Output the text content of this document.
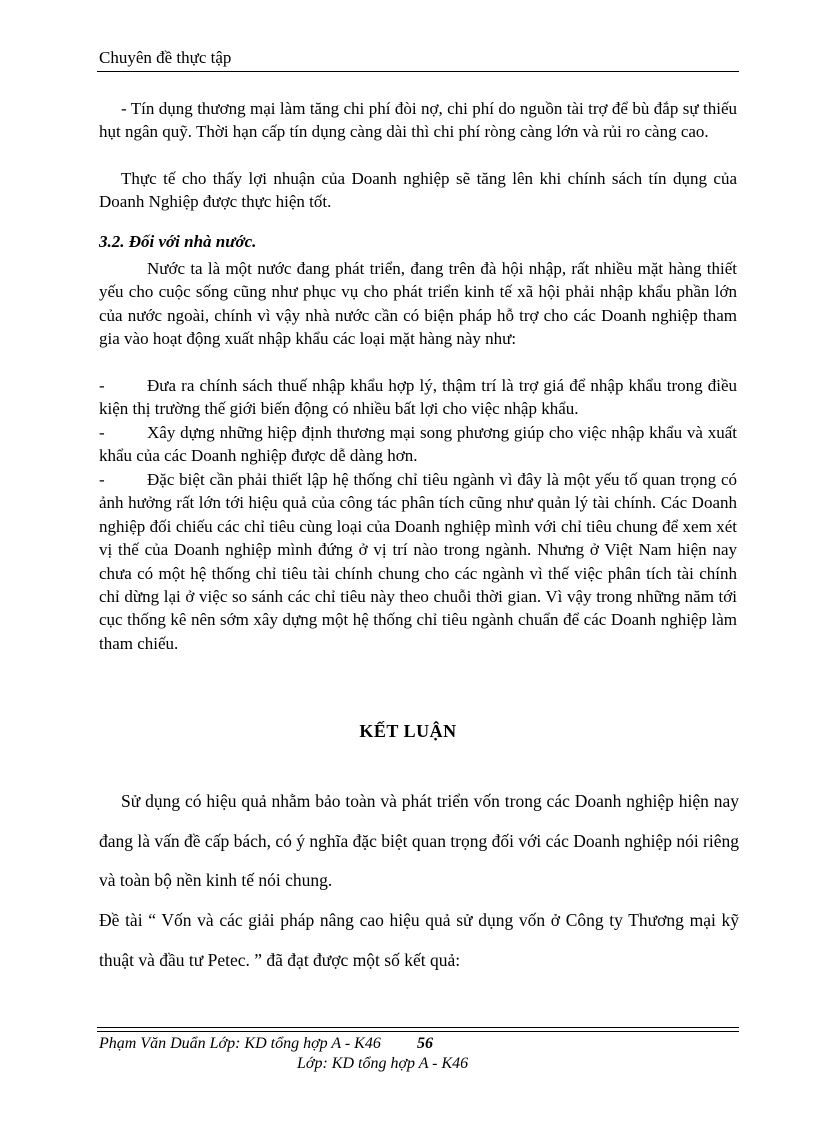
Chuyên đề thực tập

- Tín dụng thương mại làm tăng chi phí đòi nợ, chi phí do nguồn tài trợ để bù đắp sự thiếu hụt ngân quỹ. Thời hạn cấp tín dụng càng dài thì chi phí ròng càng lớn và rủi ro càng cao.

Thực tế cho thấy lợi nhuận của Doanh nghiệp sẽ tăng lên khi chính sách tín dụng của Doanh Nghiệp được thực hiện tốt.

3.2. Đối với nhà nước.

Nước ta là một nước đang phát triển, đang trên đà hội nhập, rất nhiều mặt hàng thiết yếu cho cuộc sống cũng như phục vụ cho phát triển kinh tế xã hội phải nhập khẩu phần lớn của nước ngoài, chính vì vậy nhà nước cần có biện pháp hỗ trợ cho các Doanh nghiệp tham gia vào hoạt động xuất nhập khẩu các loại mặt hàng này như:

- Đưa ra chính sách thuế nhập khẩu hợp lý, thậm trí là trợ giá để nhập khẩu trong điều kiện thị trường thế giới biến động có nhiều bất lợi cho việc nhập khẩu.

- Xây dựng những hiệp định thương mại song phương giúp cho việc nhập khẩu và xuất khẩu của các Doanh nghiệp được dễ dàng hơn.

- Đặc biệt cần phải thiết lập hệ thống chỉ tiêu ngành vì đây là một yếu tố quan trọng có ảnh hưởng rất lớn tới hiệu quả của công tác phân tích cũng như quản lý tài chính. Các Doanh nghiệp đối chiếu các chỉ tiêu cùng loại của Doanh nghiệp mình với chỉ tiêu chung để xem xét vị thế của Doanh nghiệp mình đứng ở vị trí nào trong ngành. Nhưng ở Việt Nam hiện nay chưa có một hệ thống chỉ tiêu tài chính chung cho các ngành vì thế việc phân tích tài chính chỉ dừng lại ở việc so sánh các chỉ tiêu này theo chuỗi thời gian. Vì vậy trong những năm tới cục thống kê nên sớm xây dựng một hệ thống chỉ tiêu ngành chuẩn để các Doanh nghiệp làm tham chiếu.

KẾT LUẬN

Sử dụng có hiệu quả nhằm bảo toàn và phát triển vốn trong các Doanh nghiệp hiện nay đang là vấn đề cấp bách, có ý nghĩa đặc biệt quan trọng đối với các Doanh nghiệp nói riêng và toàn bộ nền kinh tế nói chung.

Đề tài “ Vốn và các giải pháp nâng cao hiệu quả sử dụng vốn ở Công ty Thương mại kỹ thuật và đầu tư Petec. ” đã đạt được một số kết quả:

Phạm Văn Duẩn Lớp: KD tổng hợp A - K46 56
Lớp: KD tổng hợp A - K46
